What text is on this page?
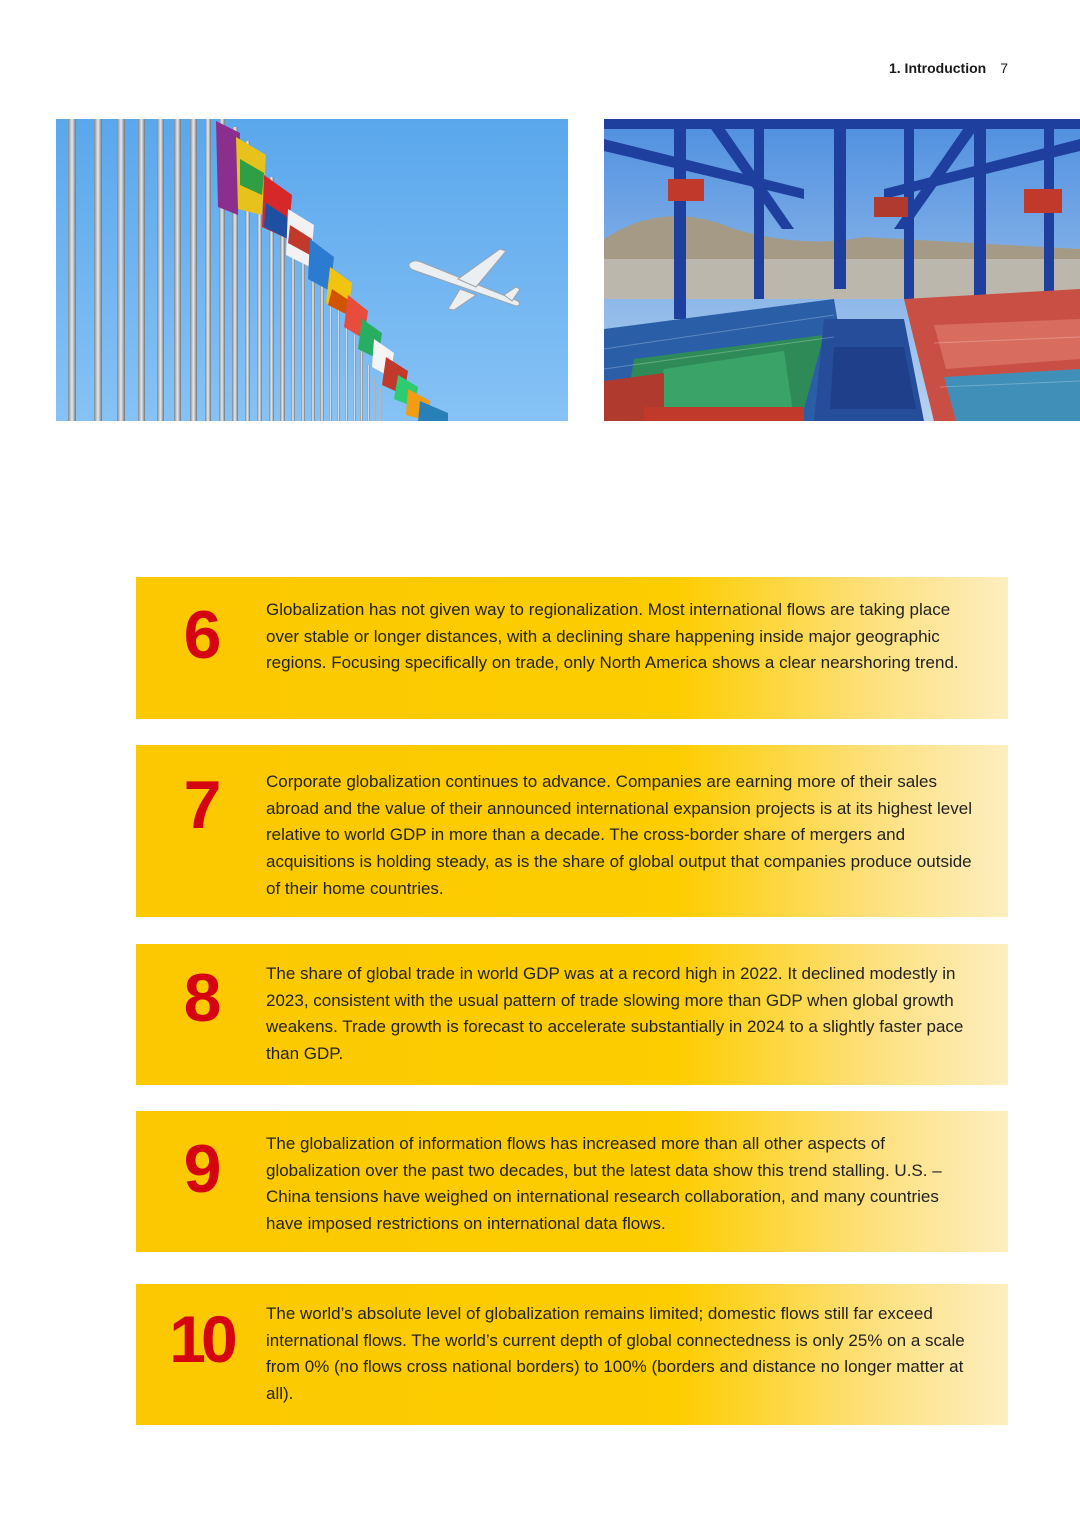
1. Introduction 7
6	Globalization has not given way to regionalization. Most international flows are taking place over stable or longer distances, with a declining share happening inside major geographic regions. Focusing specifically on trade, only North America shows a clear nearshoring trend.
7	Corporate globalization continues to advance. Companies are earning more of their sales abroad and the value of their announced international expansion projects is at its highest level relative to world GDP in more than a decade. The cross-border share of mergers and acquisitions is holding steady, as is the share of global output that companies produce outside of their home countries.
8	The share of global trade in world GDP was at a record high in 2022. It declined modestly in 2023, consistent with the usual pattern of trade slowing more than GDP when global growth weakens. Trade growth is forecast to accelerate substantially in 2024 to a slightly faster pace than GDP.
9	The globalization of information flows has increased more than all other aspects of globalization over the past two decades, but the latest data show this trend stalling. U.S. – China tensions have weighed on international research collaboration, and many countries have imposed restrictions on international data flows.
10	The world’s absolute level of globalization remains limited; domestic flows still far exceed international flows. The world’s current depth of global connectedness is only 25% on a scale from 0% (no flows cross national borders) to 100% (borders and distance no longer matter at all).
